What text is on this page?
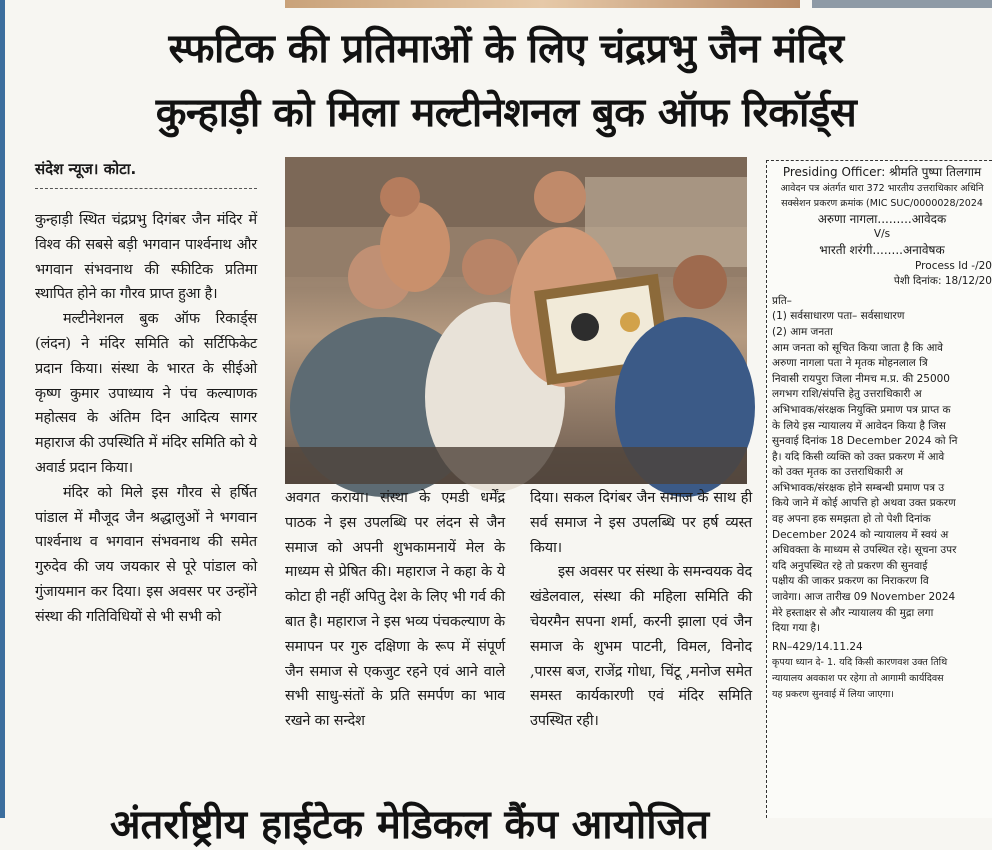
स्फटिक की प्रतिमाओं के लिए चंद्रप्रभु जैन मंदिर
कुन्हाड़ी को मिला मल्टीनेशनल बुक ऑफ रिकॉर्ड्स
संदेश न्यूज। कोटा.

कुन्हाड़ी स्थित चंद्रप्रभु दिगंबर जैन मंदिर में विश्व की सबसे बड़ी भगवान पार्श्वनाथ और भगवान संभवनाथ की स्फीटिक प्रतिमा स्थापित होने का गौरव प्राप्त हुआ है।

मल्टीनेशनल बुक ऑफ रिकार्ड्स (लंदन) ने मंदिर समिति को सर्टिफिकेट प्रदान किया। संस्था के भारत के सीईओ कृष्ण कुमार उपाध्याय ने पंच कल्याणक महोत्सव के अंतिम दिन आदित्य सागर महाराज की उपस्थिति में मंदिर समिति को ये अवार्ड प्रदान किया।

मंदिर को मिले इस गौरव से हर्षित पांडाल में मौजूद जैन श्रद्धालुओं ने भगवान पार्श्वनाथ व भगवान संभवनाथ की समेत गुरुदेव की जय जयकार से पूरे पांडाल को गुंजायमान कर दिया। इस अवसर पर उन्होंने संस्था की गतिविधियों से भी सभी को

अवगत कराया। संस्था के एमडी धर्मेंद्र पाठक ने इस उपलब्धि पर लंदन से जैन समाज को अपनी शुभकामनायें मेल के माध्यम से प्रेषित की। महाराज ने कहा के ये कोटा ही नहीं अपितु देश के लिए भी गर्व की बात है। महाराज ने इस भव्य पंचकल्याण के समापन पर गुरु दक्षिणा के रूप में संपूर्ण जैन समाज से एकजुट रहने एवं आने वाले सभी साधु-संतों के प्रति समर्पण का भाव रखने का सन्देश

दिया। सकल दिगंबर जैन समाज के साथ ही सर्व समाज ने इस उपलब्धि पर हर्ष व्यस्त किया।

इस अवसर पर संस्था के समन्वयक वेद खंडेलवाल, संस्था की महिला समिति की चेयरमैन सपना शर्मा, करनी झाला एवं जैन समाज के शुभम पाटनी, विमल, विनोद ,पारस बज, राजेंद्र गोधा, चिंटू ,मनोज समेत समस्त कार्यकारणी एवं मंदिर समिति उपस्थित रही।

Presiding Officer: श्रीमति पुष्पा तिलगाम
आवेदन पत्र अंतर्गत धारा 372 भारतीय उत्तराधिकार अधिनि
सक्सेशन प्रकरण क्रमांक (MIC SUC/0000028/2024
अरुणा नागला.........आवेदक
V/s
भारती शरंगी........अनावेषक
Process Id -/20
पेशी दिनांक: 18/12/20
प्रति–
(1) सर्वसाधारण पता– सर्वसाधारण
(2) आम जनता
आम जनता को सूचित किया जाता है कि आवे
अरुणा नागला पता ने मृतक मोहनलाल त्रि
निवासी रायपुरा जिला नीमच म.प्र. की 25000
लगभग राशि/संपत्ति हेतु उत्तराधिकारी अ
अभिभावक/संरक्षक नियुक्ति प्रमाण पत्र प्राप्त क
के लिये इस न्यायालय में आवेदन किया है जिस
सुनवाई दिनांक 18 December 2024 को नि
है। यदि किसी व्यक्ति को उक्त प्रकरण में आवे
को उक्त मृतक का उत्तराधिकारी अ
अभिभावक/संरक्षक होने सम्बन्धी प्रमाण पत्र उ
किये जाने में कोई आपत्ति हो अथवा उक्त प्रकरण
वह अपना हक समझता हो तो पेशी दिनांक
December 2024 को न्यायालय में स्वयं अ
अधिवक्ता के माध्यम से उपस्थित रहे। सूचना उपर
यदि अनुपस्थित रहे तो प्रकरण की सुनवाई
पक्षीय की जाकर प्रकरण का निराकरण वि
जावेगा। आज तारीख 09 November 2024
मेरे हस्ताक्षर से और न्यायालय की मुद्रा लगा
दिया गया है।
RN–429/14.11.24
कृपया ध्यान दे- 1. यदि किसी कारणवश उक्त तिथि
न्यायालय अवकाश पर रहेगा तो आगामी कार्यदिवस
यह प्रकरण सुनवाई में लिया जाएगा।
अंतर्राष्ट्रीय हाईटेक मेडिकल कैंप आयोजित
